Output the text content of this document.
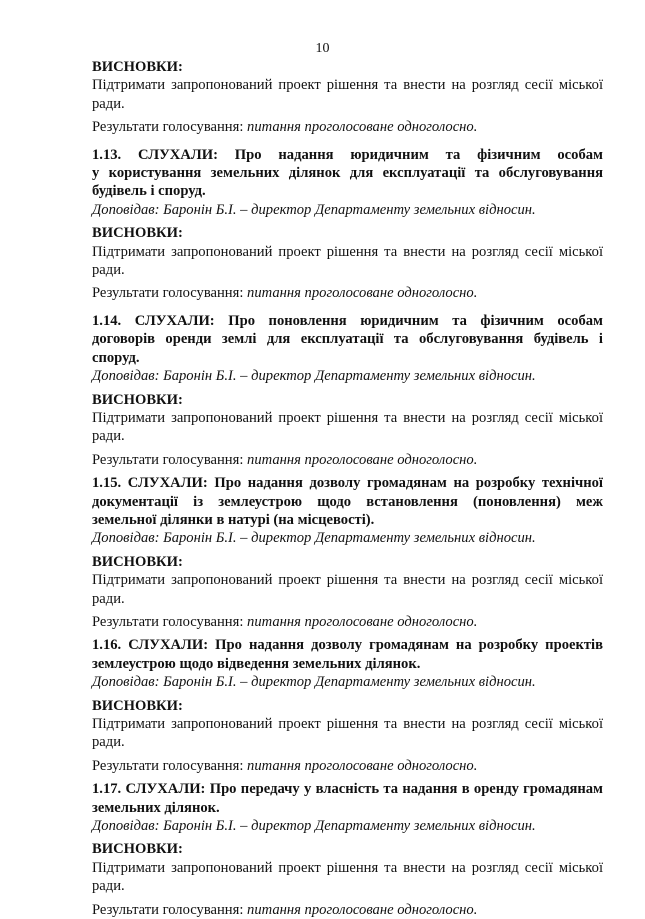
10
ВИСНОВКИ:
Підтримати запропонований проект рішення та внести на розгляд сесії міської
ради.
Результати голосування: питання проголосоване одноголосно.
1.13. СЛУХАЛИ: Про надання юридичним та фізичним особам
у користування земельних ділянок для експлуатації та обслуговування
будівель і споруд.
Доповідав: Баронін Б.І. – директор Департаменту земельних відносин.
ВИСНОВКИ:
Підтримати запропонований проект рішення та внести на розгляд сесії міської
ради.
Результати голосування: питання проголосоване одноголосно.
1.14. СЛУХАЛИ: Про поновлення юридичним та фізичним особам
договорів оренди землі для експлуатації та обслуговування будівель і
споруд.
Доповідав: Баронін Б.І. – директор Департаменту земельних відносин.
ВИСНОВКИ:
Підтримати запропонований проект рішення та внести на розгляд сесії міської
ради.
Результати голосування: питання проголосоване одноголосно.
1.15. СЛУХАЛИ: Про надання дозволу громадянам на розробку технічної
документації із землеустрою щодо встановлення (поновлення) меж
земельної ділянки в натурі (на місцевості).
Доповідав: Баронін Б.І. – директор Департаменту земельних відносин.
ВИСНОВКИ:
Підтримати запропонований проект рішення та внести на розгляд сесії міської
ради.
Результати голосування: питання проголосоване одноголосно.
1.16. СЛУХАЛИ: Про надання дозволу громадянам на розробку проектів
землеустрою щодо відведення земельних ділянок.
Доповідав: Баронін Б.І. – директор Департаменту земельних відносин.
ВИСНОВКИ:
Підтримати запропонований проект рішення та внести на розгляд сесії міської
ради.
Результати голосування: питання проголосоване одноголосно.
1.17. СЛУХАЛИ: Про передачу у власність та надання в оренду громадянам
земельних ділянок.
Доповідав: Баронін Б.І. – директор Департаменту земельних відносин.
ВИСНОВКИ:
Підтримати запропонований проект рішення та внести на розгляд сесії міської
ради.
Результати голосування: питання проголосоване одноголосно.
